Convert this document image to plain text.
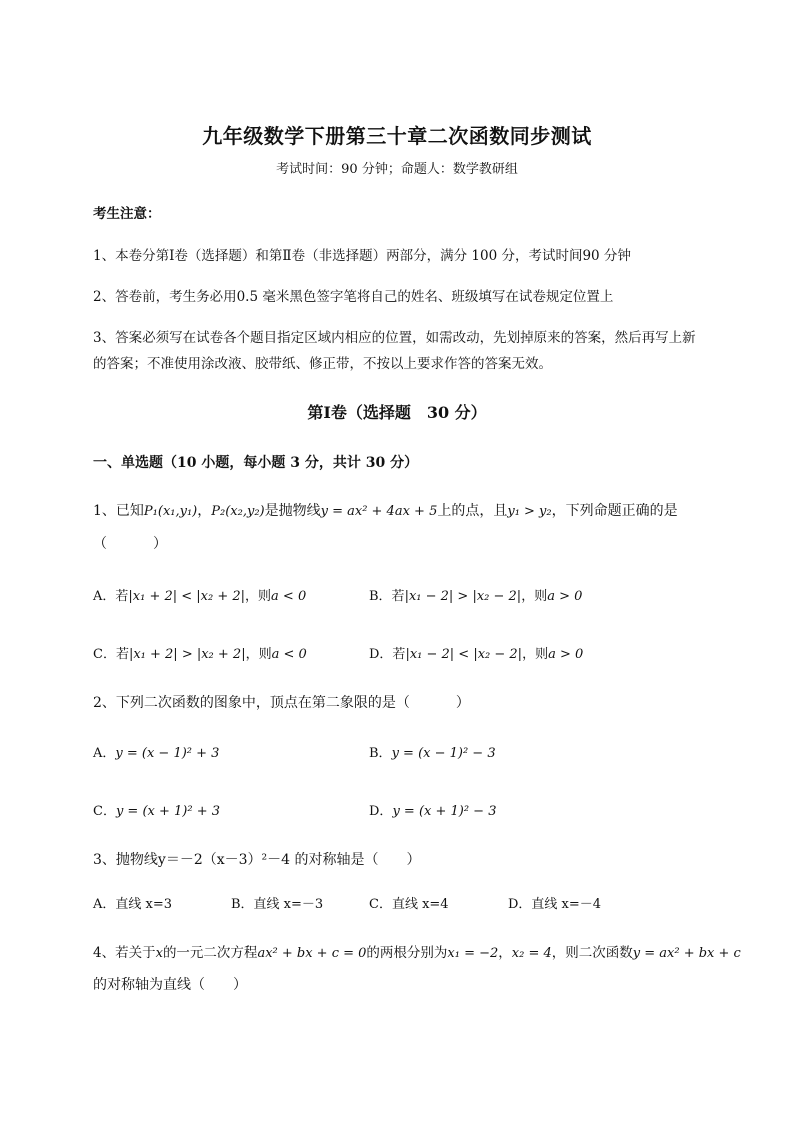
九年级数学下册第三十章二次函数同步测试
考试时间：90 分钟；命题人：数学教研组
考生注意：
1、本卷分第Ⅰ卷（选择题）和第Ⅱ卷（非选择题）两部分，满分 100 分，考试时间90 分钟
2、答卷前，考生务必用0.5 毫米黑色签字笔将自己的姓名、班级填写在试卷规定位置上
3、答案必须写在试卷各个题目指定区域内相应的位置，如需改动，先划掉原来的答案，然后再写上新
的答案；不准使用涂改液、胶带纸、修正带，不按以上要求作答的答案无效。
第Ⅰ卷（选择题　30 分）
一、单选题（10 小题，每小题 3 分，共计 30 分）
1、已知P₁(x₁,y₁)，P₂(x₂,y₂)是抛物线y = ax² + 4ax + 5上的点，且y₁ > y₂，下列命题正确的是
（	）
A．若|x₁ + 2| < |x₂ + 2|，则a < 0	B．若|x₁ − 2| > |x₂ − 2|，则a > 0
C．若|x₁ + 2| > |x₂ + 2|，则a < 0	D．若|x₁ − 2| < |x₂ − 2|，则a > 0
2、下列二次函数的图象中，顶点在第二象限的是（	）
A．y = (x − 1)² + 3	B．y = (x − 1)² − 3
C．y = (x + 1)² + 3	D．y = (x + 1)² − 3
3、抛物线y＝－2（x－3）²－4 的对称轴是（　　）
A．直线 x=3	B．直线 x=－3	C．直线 x=4	D．直线 x=－4
4、若关于x的一元二次方程ax² + bx + c = 0的两根分别为x₁ = −2，x₂ = 4，则二次函数y = ax² + bx + c
的对称轴为直线（　　）
